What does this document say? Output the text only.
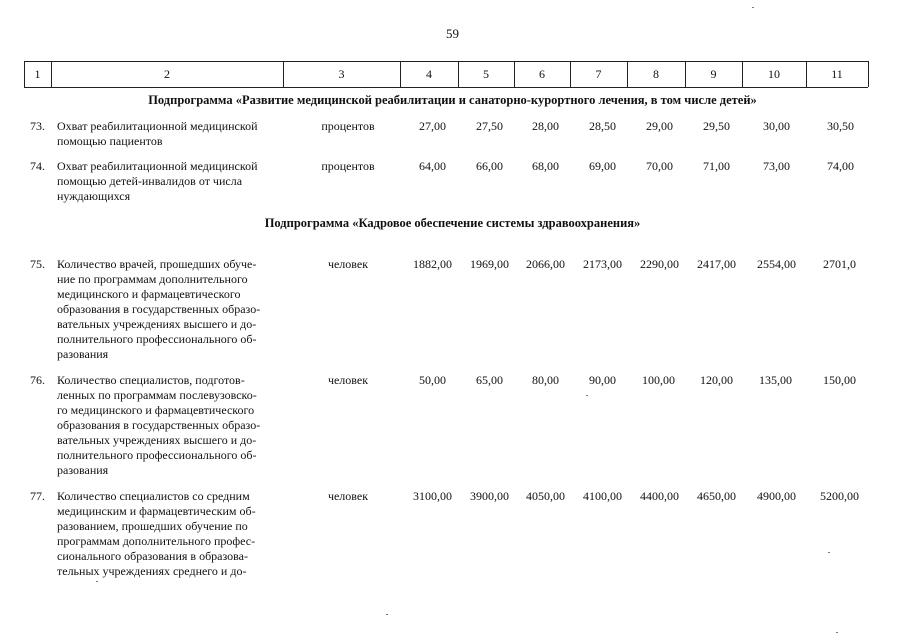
59
1	2	3	4	5	6	7	8	9	10	11
Подпрограмма «Развитие медицинской реабилитации и санаторно-курортного лечения, в том числе детей»
73. Охват реабилитационной медицинской
помощью пациентов
процентов	27,00	27,50	28,00	28,50	29,00	29,50	30,00	30,50
74. Охват реабилитационной медицинской
помощью детей-инвалидов от числа
нуждающихся
процентов	64,00	66,00	68,00	69,00	70,00	71,00	73,00	74,00
Подпрограмма «Кадровое обеспечение системы здравоохранения»
75. Количество врачей, прошедших обуче-
ние по программам дополнительного
медицинского и фармацевтического
образования в государственных образо-
вательных учреждениях высшего и до-
полнительного профессионального об-
разования
человек	1882,00	1969,00	2066,00	2173,00	2290,00	2417,00	2554,00	2701,0
76. Количество специалистов, подготов-
ленных по программам послевузовско-
го медицинского и фармацевтического
образования в государственных образо-
вательных учреждениях высшего и до-
полнительного профессионального об-
разования
человек	50,00	65,00	80,00	90,00	100,00	120,00	135,00	150,00
77. Количество специалистов со средним
медицинским и фармацевтическим об-
разованием, прошедших обучение по
программам дополнительного профес-
сионального образования в образова-
тельных учреждениях среднего и до-
человек	3100,00	3900,00	4050,00	4100,00	4400,00	4650,00	4900,00	5200,00
